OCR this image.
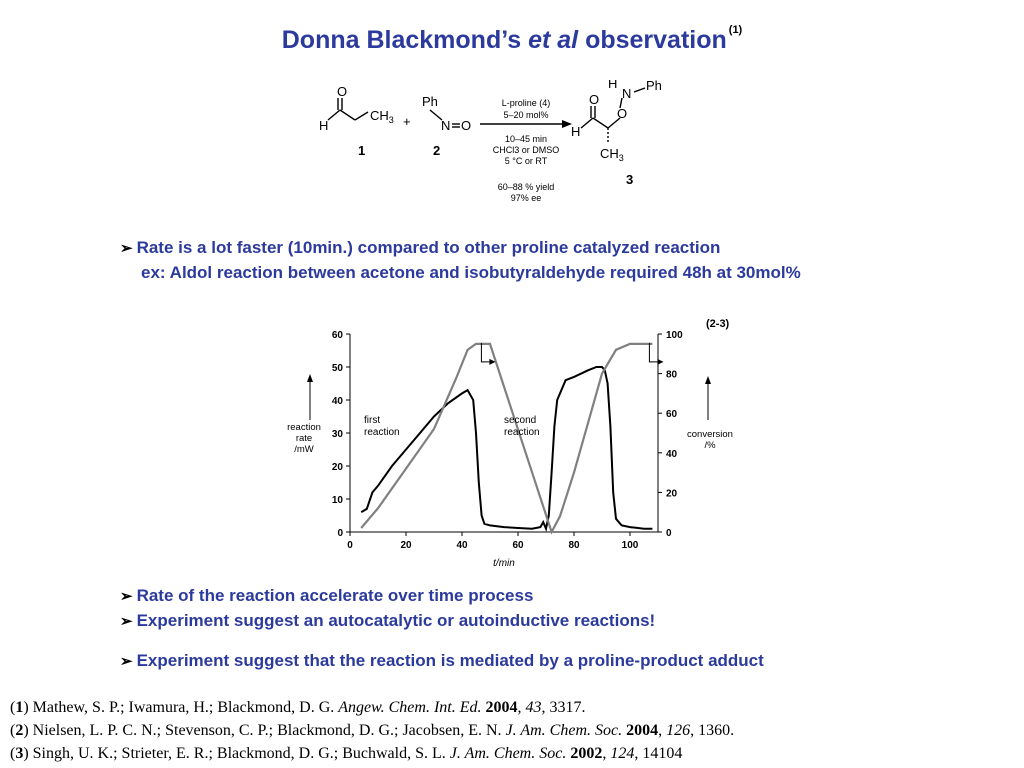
Donna Blackmond’s et al observation $^{(1)}$
O
H
$CH_3$
1
+
Ph
N O
2
L-proline (4)
5–20 mol%
10–45 min
CHCl3 or DMSO
5 °C or RT
60–88 % yield
97% ee
O
H
O
N
H Ph
$CH_3$
3
➢ Rate is a lot faster (10min.) compared to other proline catalyzed reaction
ex: Aldol reaction between acetone and isobutyraldehyde required 48h at 30mol%
(2-3)
0	20	40	60	80	100
0
10
20
30
40
50
60
0
20
40
60
80
100
t/min
reaction
rate
/mW
conversion
/%
first
reaction
second
reaction
➢ Rate of the reaction accelerate over time process
➢ Experiment suggest an autocatalytic or autoinductive reactions!
➢ Experiment suggest that the reaction is mediated by a proline-product adduct
(1) Mathew, S. P.; Iwamura, H.; Blackmond, D. G. Angew. Chem. Int. Ed. 2004, 43, 3317.
(2) Nielsen, L. P. C. N.; Stevenson, C. P.; Blackmond, D. G.; Jacobsen, E. N. J. Am. Chem. Soc. 2004, 126, 1360.
(3) Singh, U. K.; Strieter, E. R.; Blackmond, D. G.; Buchwald, S. L. J. Am. Chem. Soc. 2002, 124, 14104
